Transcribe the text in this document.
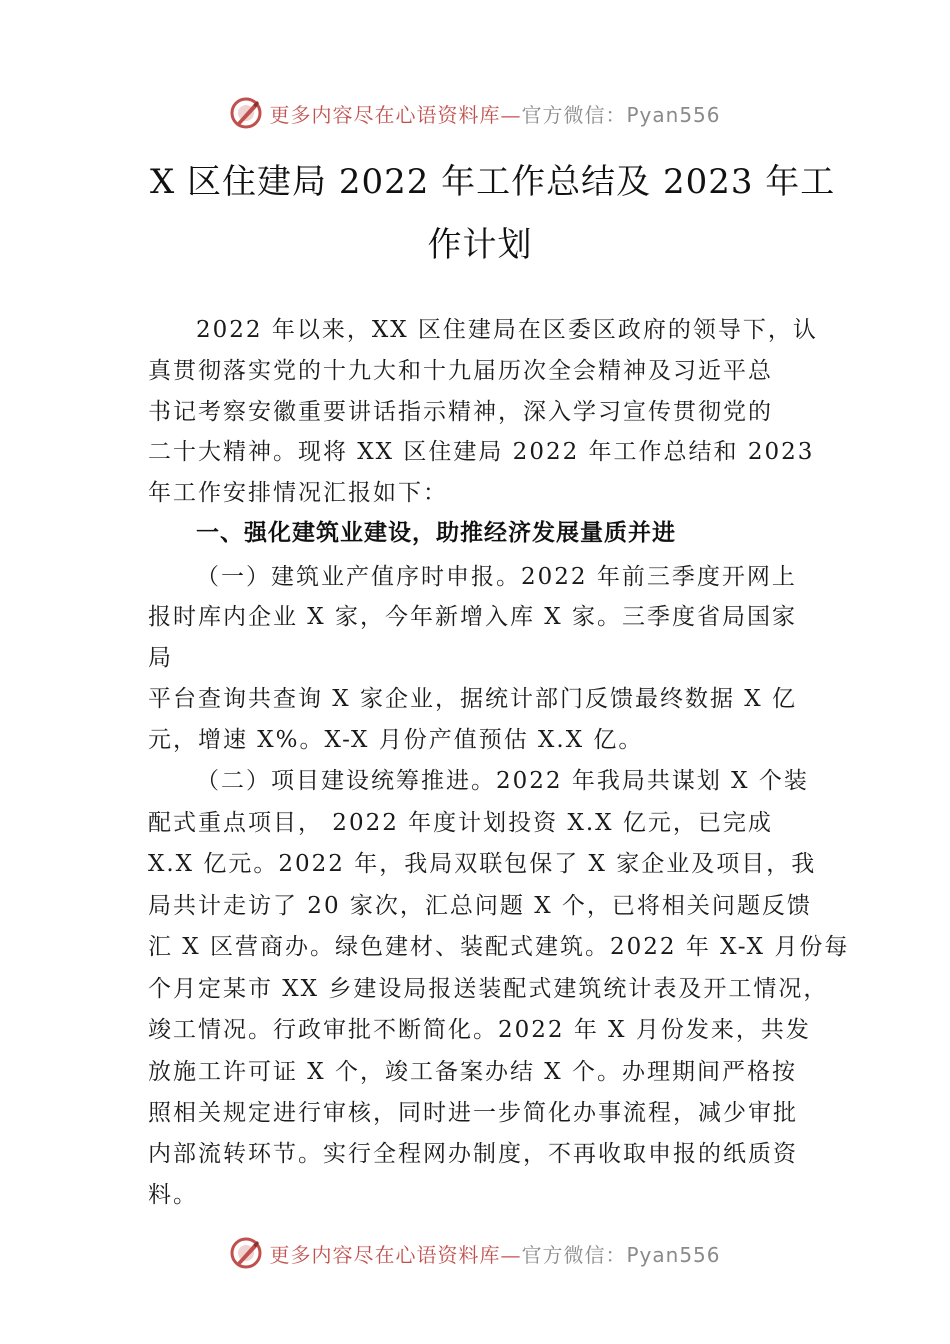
更多内容尽在心语资料库—官方微信：Pyan556
X 区住建局 2022 年工作总结及 2023 年工
作计划
2022 年以来，XX 区住建局在区委区政府的领导下，认
真贯彻落实党的十九大和十九届历次全会精神及习近平总
书记考察安徽重要讲话指示精神，深入学习宣传贯彻党的
二十大精神。现将 XX 区住建局 2022 年工作总结和 2023
年工作安排情况汇报如下：
一、强化建筑业建设，助推经济发展量质并进
（一）建筑业产值序时申报。2022 年前三季度开网上
报时库内企业 X 家，今年新增入库 X 家。三季度省局国家
局
平台查询共查询 X 家企业，据统计部门反馈最终数据 X 亿
元，增速 X%。X-X 月份产值预估 X.X 亿。
（二）项目建设统筹推进。2022 年我局共谋划 X 个装
配式重点项目， 2022 年度计划投资 X.X 亿元，已完成
X.X 亿元。2022 年，我局双联包保了 X 家企业及项目，我
局共计走访了 20 家次，汇总问题 X 个，已将相关问题反馈
汇 X 区营商办。绿色建材、装配式建筑。2022 年 X-X 月份每
个月定某市 XX 乡建设局报送装配式建筑统计表及开工情况，
竣工情况。行政审批不断简化。2022 年 X 月份发来，共发
放施工许可证 X 个，竣工备案办结 X 个。办理期间严格按
照相关规定进行审核，同时进一步简化办事流程，减少审批
内部流转环节。实行全程网办制度，不再收取申报的纸质资
料。
更多内容尽在心语资料库—官方微信：Pyan556
